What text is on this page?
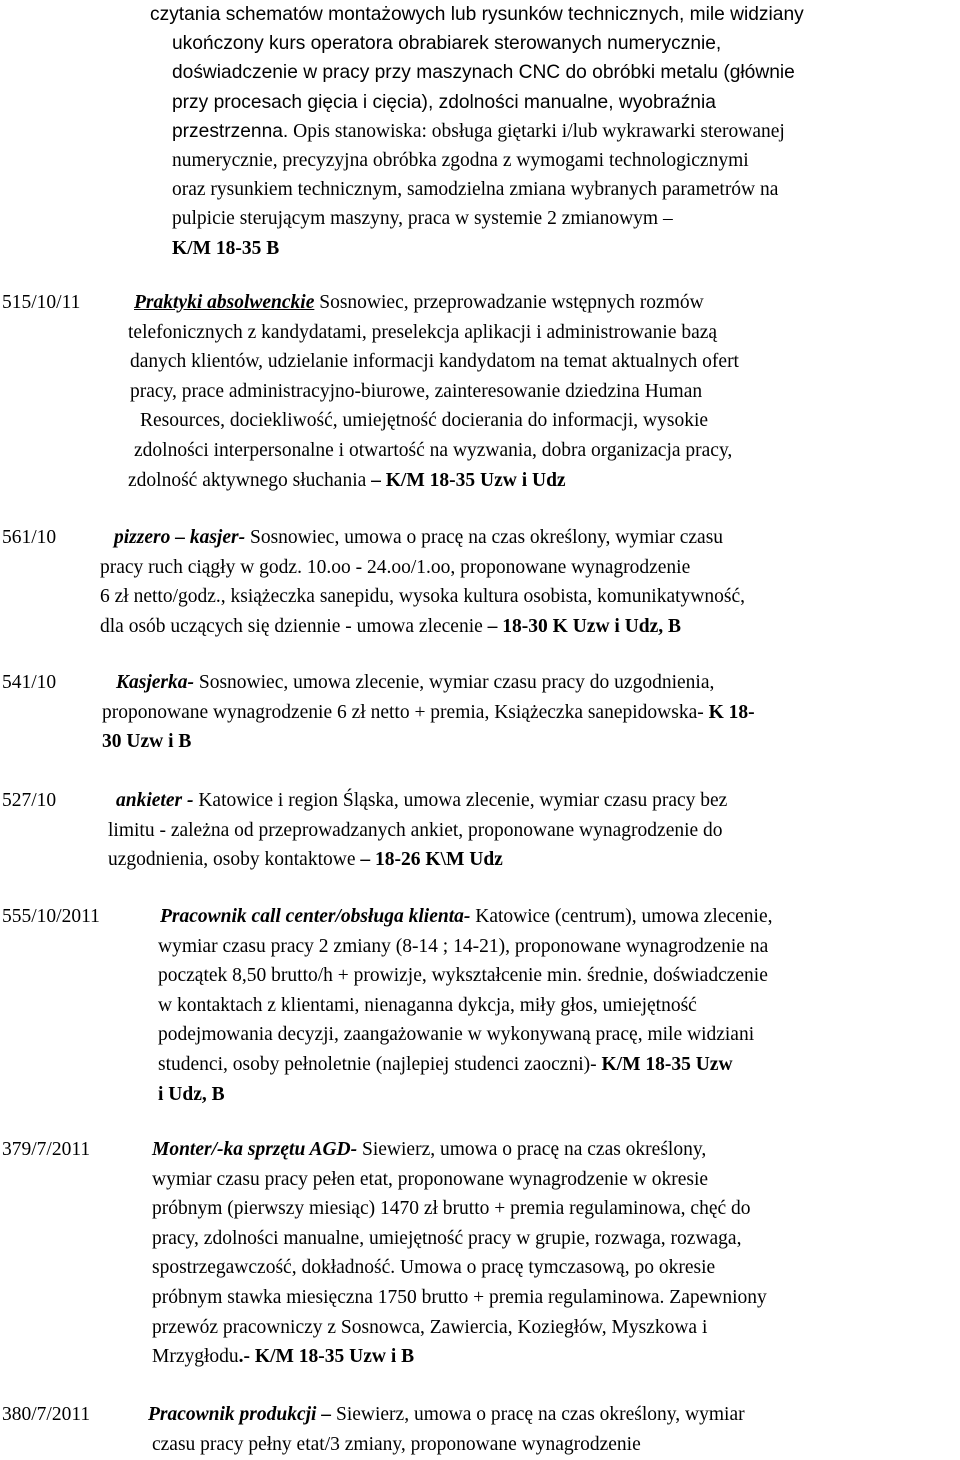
czytania schematów montażowych lub rysunków technicznych, mile widziany
ukończony kurs operatora obrabiarek sterowanych numerycznie,
doświadczenie w pracy przy maszynach CNC do obróbki metalu (głównie
przy procesach gięcia i cięcia), zdolności manualne, wyobraźnia
przestrzenna. Opis stanowiska: obsługa giętarki i/lub wykrawarki sterowanej
numerycznie, precyzyjna obróbka zgodna z wymogami technologicznymi
oraz rysunkiem technicznym, samodzielna zmiana wybranych parametrów na
pulpicie sterującym maszyny, praca w systemie 2 zmianowym –
K/M 18-35 B
515/10/11	Praktyki absolwenckie Sosnowiec, przeprowadzanie wstępnych rozmów
telefonicznych z kandydatami, preselekcja aplikacji i administrowanie bazą
danych klientów, udzielanie informacji kandydatom na temat aktualnych ofert
pracy, prace administracyjno-biurowe, zainteresowanie dziedzina Human
Resources, dociekliwość, umiejętność docierania do informacji, wysokie
zdolności interpersonalne i otwartość na wyzwania, dobra organizacja pracy,
zdolność aktywnego słuchania – K/M 18-35 Uzw i Udz
561/10	pizzero – kasjer- Sosnowiec, umowa o pracę na czas określony, wymiar czasu
pracy ruch ciągły w godz. 10.oo - 24.oo/1.oo, proponowane wynagrodzenie
6 zł netto/godz., książeczka sanepidu, wysoka kultura osobista, komunikatywność,
dla osób uczących się dziennie - umowa zlecenie – 18-30 K Uzw i Udz, B
541/10	Kasjerka- Sosnowiec, umowa zlecenie, wymiar czasu pracy do uzgodnienia,
proponowane wynagrodzenie 6 zł netto + premia, Książeczka sanepidowska- K 18-
30 Uzw i B
527/10	ankieter - Katowice i region Śląska, umowa zlecenie, wymiar czasu pracy bez
limitu - zależna od przeprowadzanych ankiet, proponowane wynagrodzenie do
uzgodnienia, osoby kontaktowe – 18-26 K\M Udz
555/10/2011	Pracownik call center/obsługa klienta- Katowice (centrum), umowa zlecenie,
wymiar czasu pracy 2 zmiany (8-14 ; 14-21), proponowane wynagrodzenie na
początek 8,50 brutto/h + prowizje, wykształcenie min. średnie, doświadczenie
w kontaktach z klientami, nienaganna dykcja, miły głos, umiejętność
podejmowania decyzji, zaangażowanie w wykonywaną pracę, mile widziani
studenci, osoby pełnoletnie (najlepiej studenci zaoczni)- K/M 18-35 Uzw
i Udz, B
379/7/2011	Monter/-ka sprzętu AGD- Siewierz, umowa o pracę na czas określony,
wymiar czasu pracy pełen etat, proponowane wynagrodzenie w okresie
próbnym (pierwszy miesiąc) 1470 zł brutto + premia regulaminowa, chęć do
pracy, zdolności manualne, umiejętność pracy w grupie, rozwaga, rozwaga,
spostrzegawczość, dokładność. Umowa o pracę tymczasową, po okresie
próbnym stawka miesięczna 1750 brutto + premia regulaminowa. Zapewniony
przewóz pracowniczy z Sosnowca, Zawiercia, Koziegłów, Myszkowa i
Mrzygłodu.- K/M 18-35 Uzw i B
380/7/2011	Pracownik produkcji – Siewierz, umowa o pracę na czas określony, wymiar
czasu pracy pełny etat/3 zmiany, proponowane wynagrodzenie
